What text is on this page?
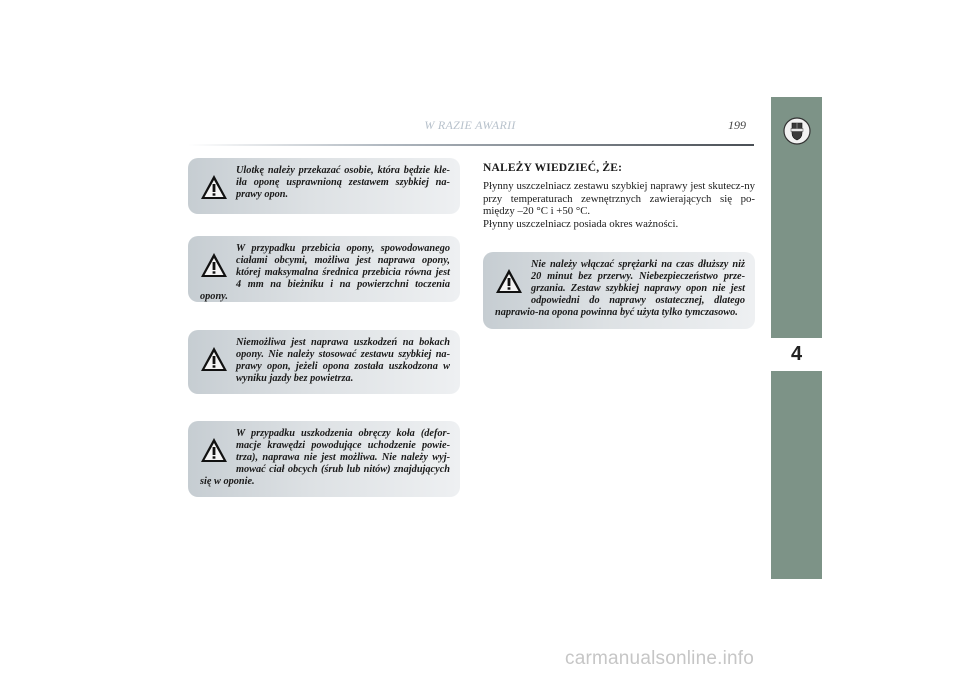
W RAZIE AWARII	199
4

Ulotkę należy przekazać osobie, która będzie kle-iła oponę usprawnioną zestawem szybkiej na-prawy opon.

W przypadku przebicia opony, spowodowanego ciałami obcymi, możliwa jest naprawa opony, której maksymalna średnica przebicia równa jest 4 mm na bieżniku i na powierzchni toczenia opony.

Niemożliwa jest naprawa uszkodzeń na bokach opony. Nie należy stosować zestawu szybkiej na-prawy opon, jeżeli opona została uszkodzona w wyniku jazdy bez powietrza.

W przypadku uszkodzenia obręczy koła (defor-macje krawędzi powodujące uchodzenie powie-trza), naprawa nie jest możliwa. Nie należy wyj-mować ciał obcych (śrub lub nitów) znajdujących się w oponie.

NALEŻY WIEDZIEĆ, ŻE:

Płynny uszczelniacz zestawu szybkiej naprawy jest skutecz-ny przy temperaturach zewnętrznych zawierających się po-między –20 °C i +50 °C.

Płynny uszczelniacz posiada okres ważności.

Nie należy włączać sprężarki na czas dłuższy niż 20 minut bez przerwy. Niebezpieczeństwo prze-grzania. Zestaw szybkiej naprawy opon nie jest odpowiedni do naprawy ostatecznej, dlatego naprawio-na opona powinna być użyta tylko tymczasowo.

carmanualsonline.info
